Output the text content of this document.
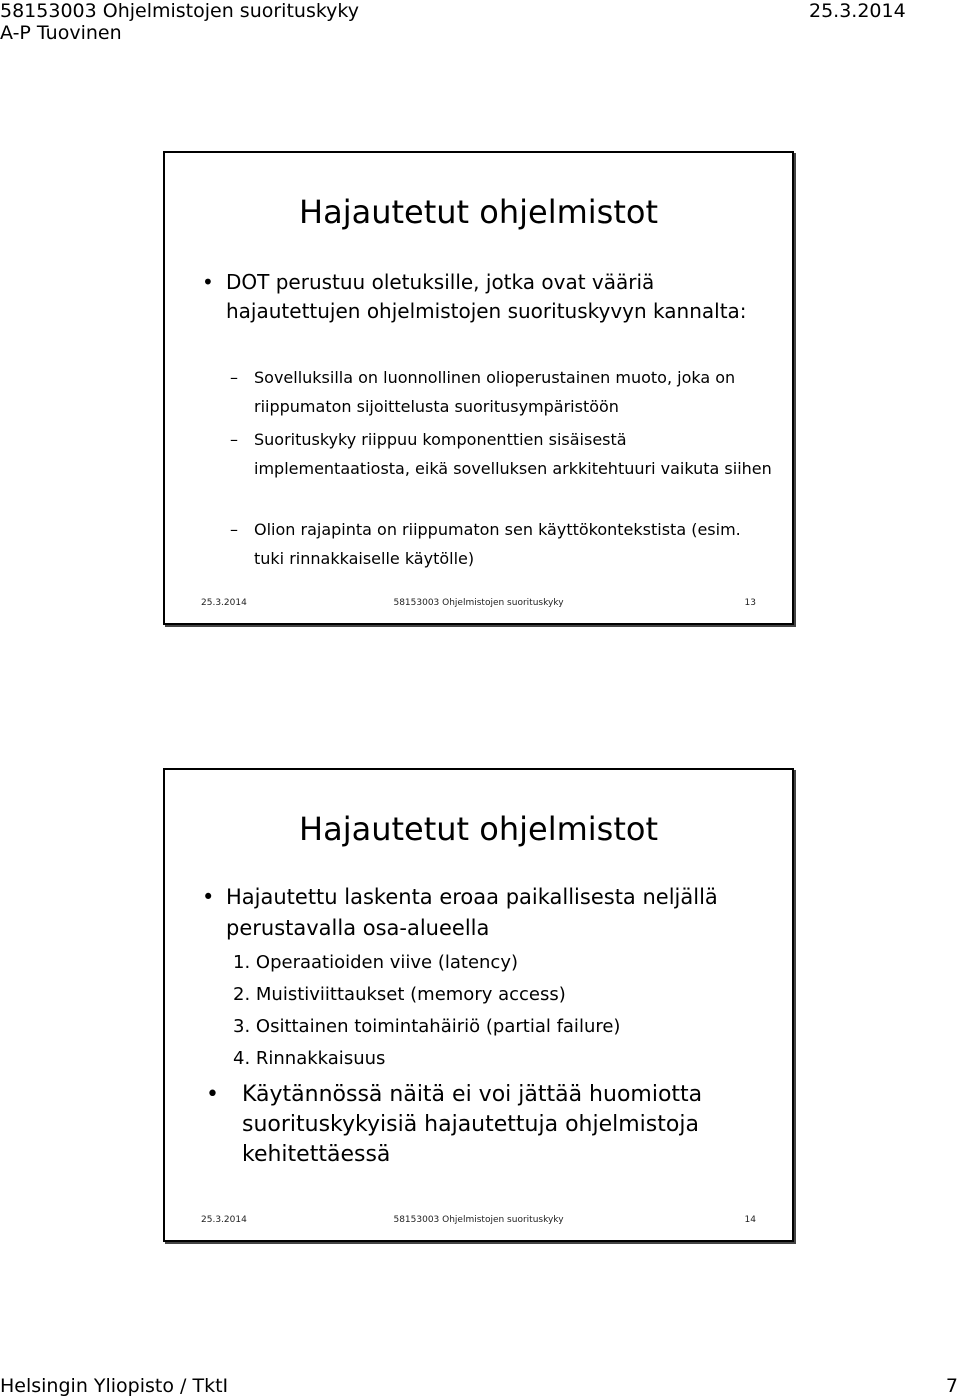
58153003 Ohjelmistojen suorituskyky
A-P Tuovinen
25.3.2014
Hajautetut ohjelmistot
• DOT perustuu oletuksille, jotka ovat vääriä hajautettujen ohjelmistojen suorituskyvyn kannalta:
– Sovelluksilla on luonnollinen olioperustainen muoto, joka on riippumaton sijoittelusta suoritusympäristöön
– Suorituskyky riippuu komponenttien sisäisestä implementaatiosta, eikä sovelluksen arkkitehtuuri vaikuta siihen
– Olion rajapinta on riippumaton sen käyttökontekstista (esim. tuki rinnakkaiselle käytölle)
25.3.2014	58153003 Ohjelmistojen suorituskyky	13
Hajautetut ohjelmistot
• Hajautettu laskenta eroaa paikallisesta neljällä perustavalla osa-alueella
1. Operaatioiden viive (latency)
2. Muistiviittaukset (memory access)
3. Osittainen toimintahäiriö (partial failure)
4. Rinnakkaisuus
• Käytännössä näitä ei voi jättää huomiotta suorituskykyisiä hajautettuja ohjelmistoja kehitettäessä
25.3.2014	58153003 Ohjelmistojen suorituskyky	14
Helsingin Yliopisto / TktI	7
